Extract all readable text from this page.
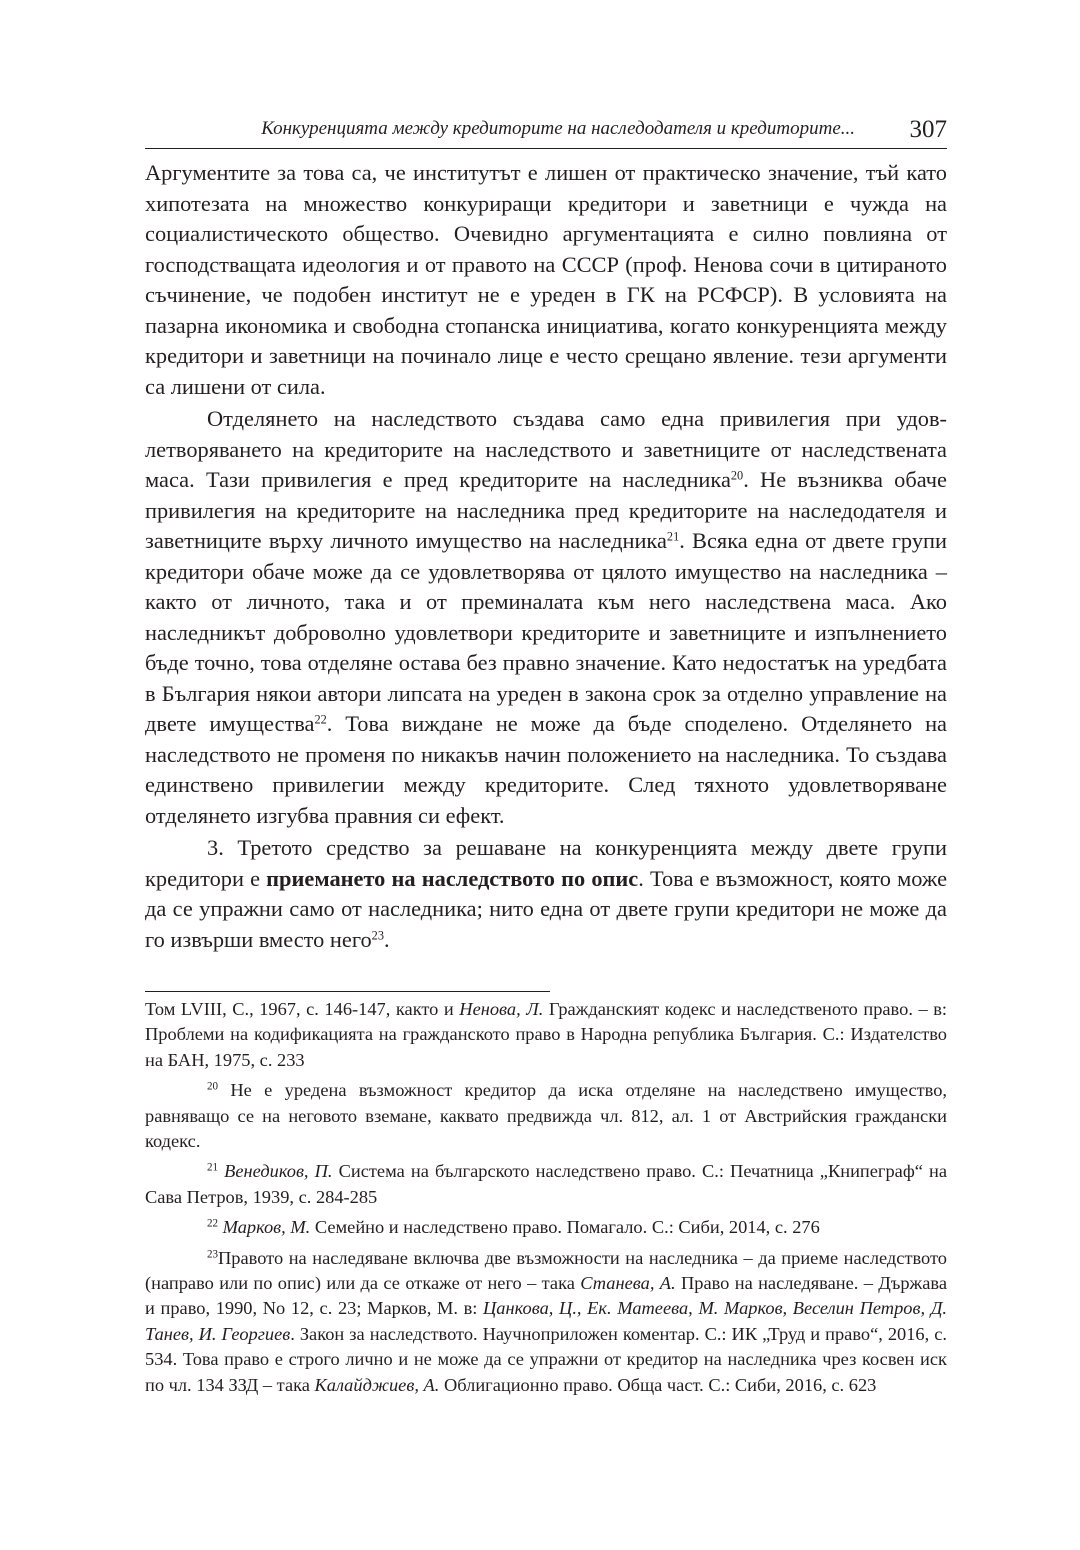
Конкуренцията между кредиторите на наследодателя и кредиторите... 307

Аргументите за това са, че институтът е лишен от практическо значение, тъй като хипотезата на множество конкуриращи кредитори и заветници е чужда на социалистическото общество. Очевидно аргументацията е силно повлияна от господстващата идеология и от правото на СССР (проф. Ненова сочи в цитираното съчинение, че подобен институт не е уреден в ГК на РСФСР). В условията на пазарна икономика и свободна стопанска инициатива, когато конкуренцията между кредитори и заветници на починало лице е често срещано явление. тези аргументи са лишени от сила.

Отделянето на наследството създава само една привилегия при удовлетворяването на кредиторите на наследството и заветниците от наследствената маса. Тази привилегия е пред кредиторите на наследника$^{20}$. Не възниква обаче привилегия на кредиторите на наследника пред кредиторите на наследодателя и заветниците върху личното имущество на наследника$^{21}$. Всяка една от двете групи кредитори обаче може да се удовлетворява от цялото имущество на наследника – както от личното, така и от преминалата към него наследствена маса. Ако наследникът доброволно удовлетвори кредиторите и заветниците и изпълнението бъде точно, това отделяне остава без правно значение. Като недостатък на уредбата в България някои автори липсата на уреден в закона срок за отделно управление на двете имущества$^{22}$. Това виждане не може да бъде споделено. Отделянето на наследството не променя по никакъв начин положението на наследника. То създава единствено привилегии между кредиторите. След тяхното удовлетворяване отделянето изгубва правния си ефект.

3. Третото средство за решаване на конкуренцията между двете групи кредитори е приемането на наследството по опис. Това е възможност, която може да се упражни само от наследника; нито една от двете групи кредитори не може да го извърши вместо него$^{23}$.

Том LVIII, С., 1967, с. 146-147, както и Ненова, Л. Гражданският кодекс и наследственото право. – в: Проблеми на кодификацията на гражданското право в Народна република България. С.: Издателство на БАН, 1975, с. 233

$^{20}$ Не е уредена възможност кредитор да иска отделяне на наследствено имущество, равняващо се на неговото вземане, каквато предвижда чл. 812, ал. 1 от Австрийския граждански кодекс.

$^{21}$ Венедиков, П. Система на българското наследствено право. С.: Печатница „Книпеграф“ на Сава Петров, 1939, с. 284-285

$^{22}$ Марков, М. Семейно и наследствено право. Помагало. С.: Сиби, 2014, с. 276

$^{23}$Правото на наследяване включва две възможности на наследника – да приеме наследството (направо или по опис) или да се откаже от него – така Станева, А. Право на наследяване. – Държава и право, 1990, No 12, с. 23; Марков, М. в: Цанкова, Ц., Ек. Матеева, М. Марков, Веселин Петров, Д. Танев, И. Георгиев. Закон за наследството. Научноприложен коментар. С.: ИК „Труд и право“, 2016, с. 534. Това право е строго лично и не може да се упражни от кредитор на наследника чрез косвен иск по чл. 134 ЗЗД – така Калайджиев, А. Облигационно право. Обща част. С.: Сиби, 2016, с. 623
